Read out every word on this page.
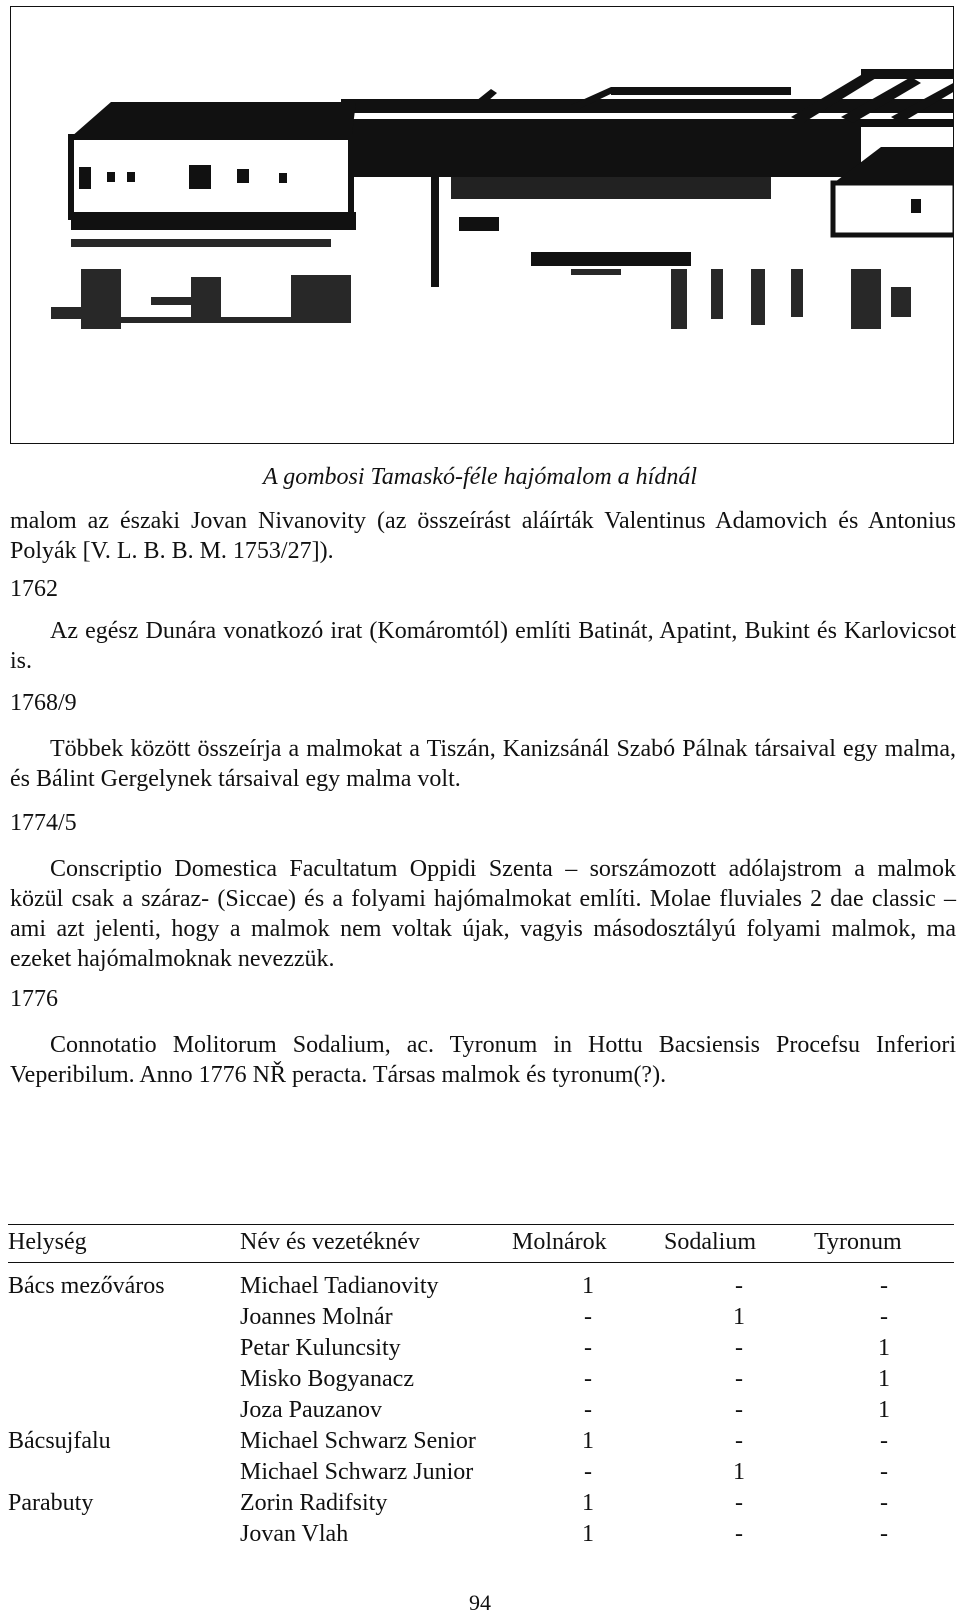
A gombosi Tamaskó-féle hajómalom a hídnál

malom az északi Jovan Nivanovity (az összeírást aláírták Valentinus Adamovich és Antonius Polyák [V. L. B. B. M. 1753/27]).

1762

Az egész Dunára vonatkozó irat (Komáromtól) említi Batinát, Apatint, Bukint és Karlovicsot is.

1768/9

Többek között összeírja a malmokat a Tiszán, Kanizsánál Szabó Pálnak társaival egy malma, és Bálint Gergelynek társaival egy malma volt.

1774/5

Conscriptio Domestica Facultatum Oppidi Szenta – sorszámozott adólajstrom a malmok közül csak a száraz- (Siccae) és a folyami hajómalmokat említi. Molae fluviales 2 dae classic – ami azt jelenti, hogy a malmok nem voltak újak, vagyis másodosztályú folyami malmok, ma ezeket hajómalmoknak nevezzük.

1776

Connotatio Molitorum Sodalium, ac. Tyronum in Hottu Bacsiensis Procefsu Inferiori Veperibilum. Anno 1776 NŘ peracta. Társas malmok és tyronum(?).

Helység	Név és vezetéknév	Molnárok	Sodalium	Tyronum
Bács mezőváros	Michael Tadianovity	1	-	-
	Joannes Molnár	-	1	-
	Petar Kuluncsity	-	-	1
	Misko Bogyanacz	-	-	1
	Joza Pauzanov	-	-	1
Bácsujfalu	Michael Schwarz Senior	1	-	-
	Michael Schwarz Junior	-	1	-
Parabuty	Zorin Radifsity	1	-	-
	Jovan Vlah	1	-	-
94
